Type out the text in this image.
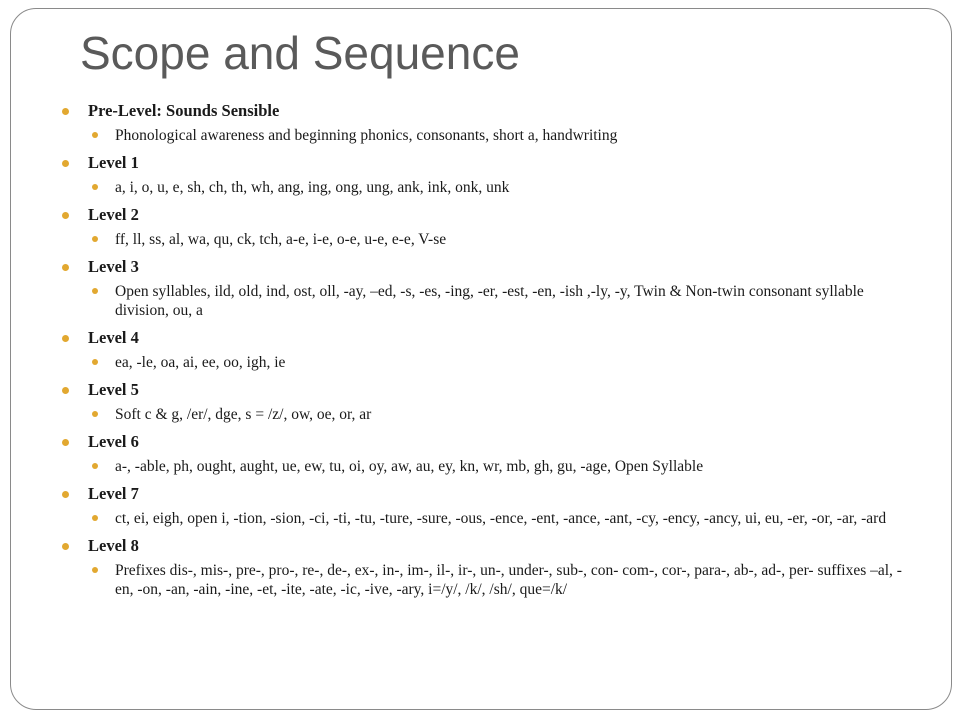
Scope and Sequence
Pre-Level: Sounds Sensible
Phonological awareness and beginning phonics, consonants, short a, handwriting
Level 1
a, i, o, u, e, sh, ch, th, wh, ang, ing, ong, ung, ank, ink, onk, unk
Level 2
ff, ll, ss, al, wa, qu, ck, tch, a-e, i-e, o-e, u-e, e-e, V-se
Level 3
Open syllables, ild, old, ind, ost, oll, -ay, –ed, -s, -es, -ing, -er, -est, -en, -ish ,-ly, -y, Twin & Non-twin consonant syllable division, ou, a
Level 4
ea, -le, oa, ai, ee, oo, igh, ie
Level 5
Soft c & g, /er/, dge, s = /z/, ow, oe, or, ar
Level 6
a-, -able, ph, ought, aught, ue, ew, tu, oi, oy, aw, au, ey, kn, wr, mb, gh, gu, -age, Open Syllable
Level 7
ct, ei, eigh, open i, -tion, -sion, -ci, -ti, -tu, -ture, -sure, -ous, -ence, -ent, -ance, -ant, -cy, -ency, -ancy, ui, eu, -er, -or, -ar, -ard
Level 8
Prefixes dis-, mis-, pre-, pro-, re-, de-, ex-, in-, im-, il-, ir-, un-, under-, sub-, con- com-, cor-, para-, ab-, ad-, per- suffixes –al, -en, -on, -an, -ain, -ine, -et, -ite, -ate, -ic, -ive, -ary, i=/y/, /k/, /sh/, que=/k/
